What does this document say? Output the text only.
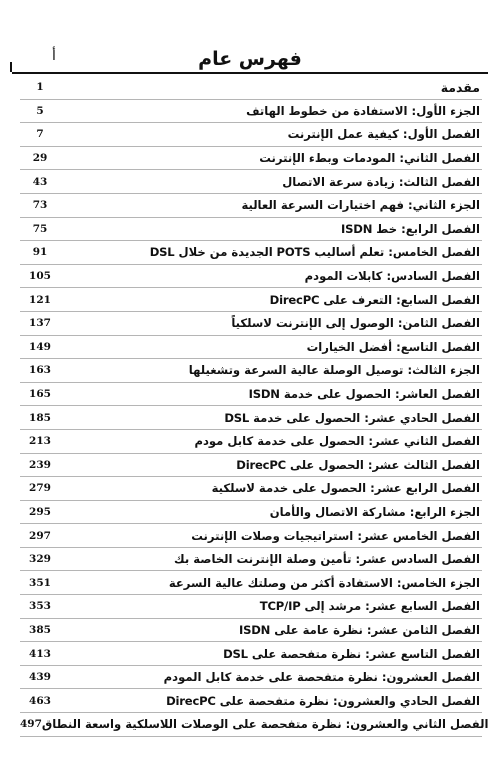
أ	فهرس عام
1	مقدمة
5	الجزء الأول: الاستفادة من خطوط الهاتف
7	الفصل الأول: كيفية عمل الإنترنت
29	الفصل الثاني: المودمات وبطء الإنترنت
43	الفصل الثالث: زيادة سرعة الاتصال
73	الجزء الثاني: فهم اختيارات السرعة العالية
75	الفصل الرابع: خط ISDN
91	الفصل الخامس: تعلم أساليب POTS الجديدة من خلال DSL
105	الفصل السادس: كابلات المودم
121	الفصل السابع: التعرف على DirecPC
137	الفصل الثامن: الوصول إلى الإنترنت لاسلكياً
149	الفصل التاسع: أفضل الخيارات
163	الجزء الثالث: توصيل الوصلة عالية السرعة وتشغيلها
165	الفصل العاشر: الحصول على خدمة ISDN
185	الفصل الحادي عشر: الحصول على خدمة DSL
213	الفصل الثاني عشر: الحصول على خدمة كابل مودم
239	الفصل الثالث عشر: الحصول على DirecPC
279	الفصل الرابع عشر: الحصول على خدمة لاسلكية
295	الجزء الرابع: مشاركة الاتصال والأمان
297	الفصل الخامس عشر: استراتيجيات وصلات الإنترنت
329	الفصل السادس عشر: تأمين وصلة الإنترنت الخاصة بك
351	الجزء الخامس: الاستفادة أكثر من وصلتك عالية السرعة
353	الفصل السابع عشر: مرشد إلى TCP/IP
385	الفصل الثامن عشر: نظرة عامة على ISDN
413	الفصل التاسع عشر: نظرة متفحصة على DSL
439	الفصل العشرون: نظرة متفحصة على خدمة كابل المودم
463	الفصل الحادي والعشرون: نظرة متفحصة على DirecPC
497 الفصل الثاني والعشرون: نظرة متفحصة على الوصلات اللاسلكية واسعة النطاق
